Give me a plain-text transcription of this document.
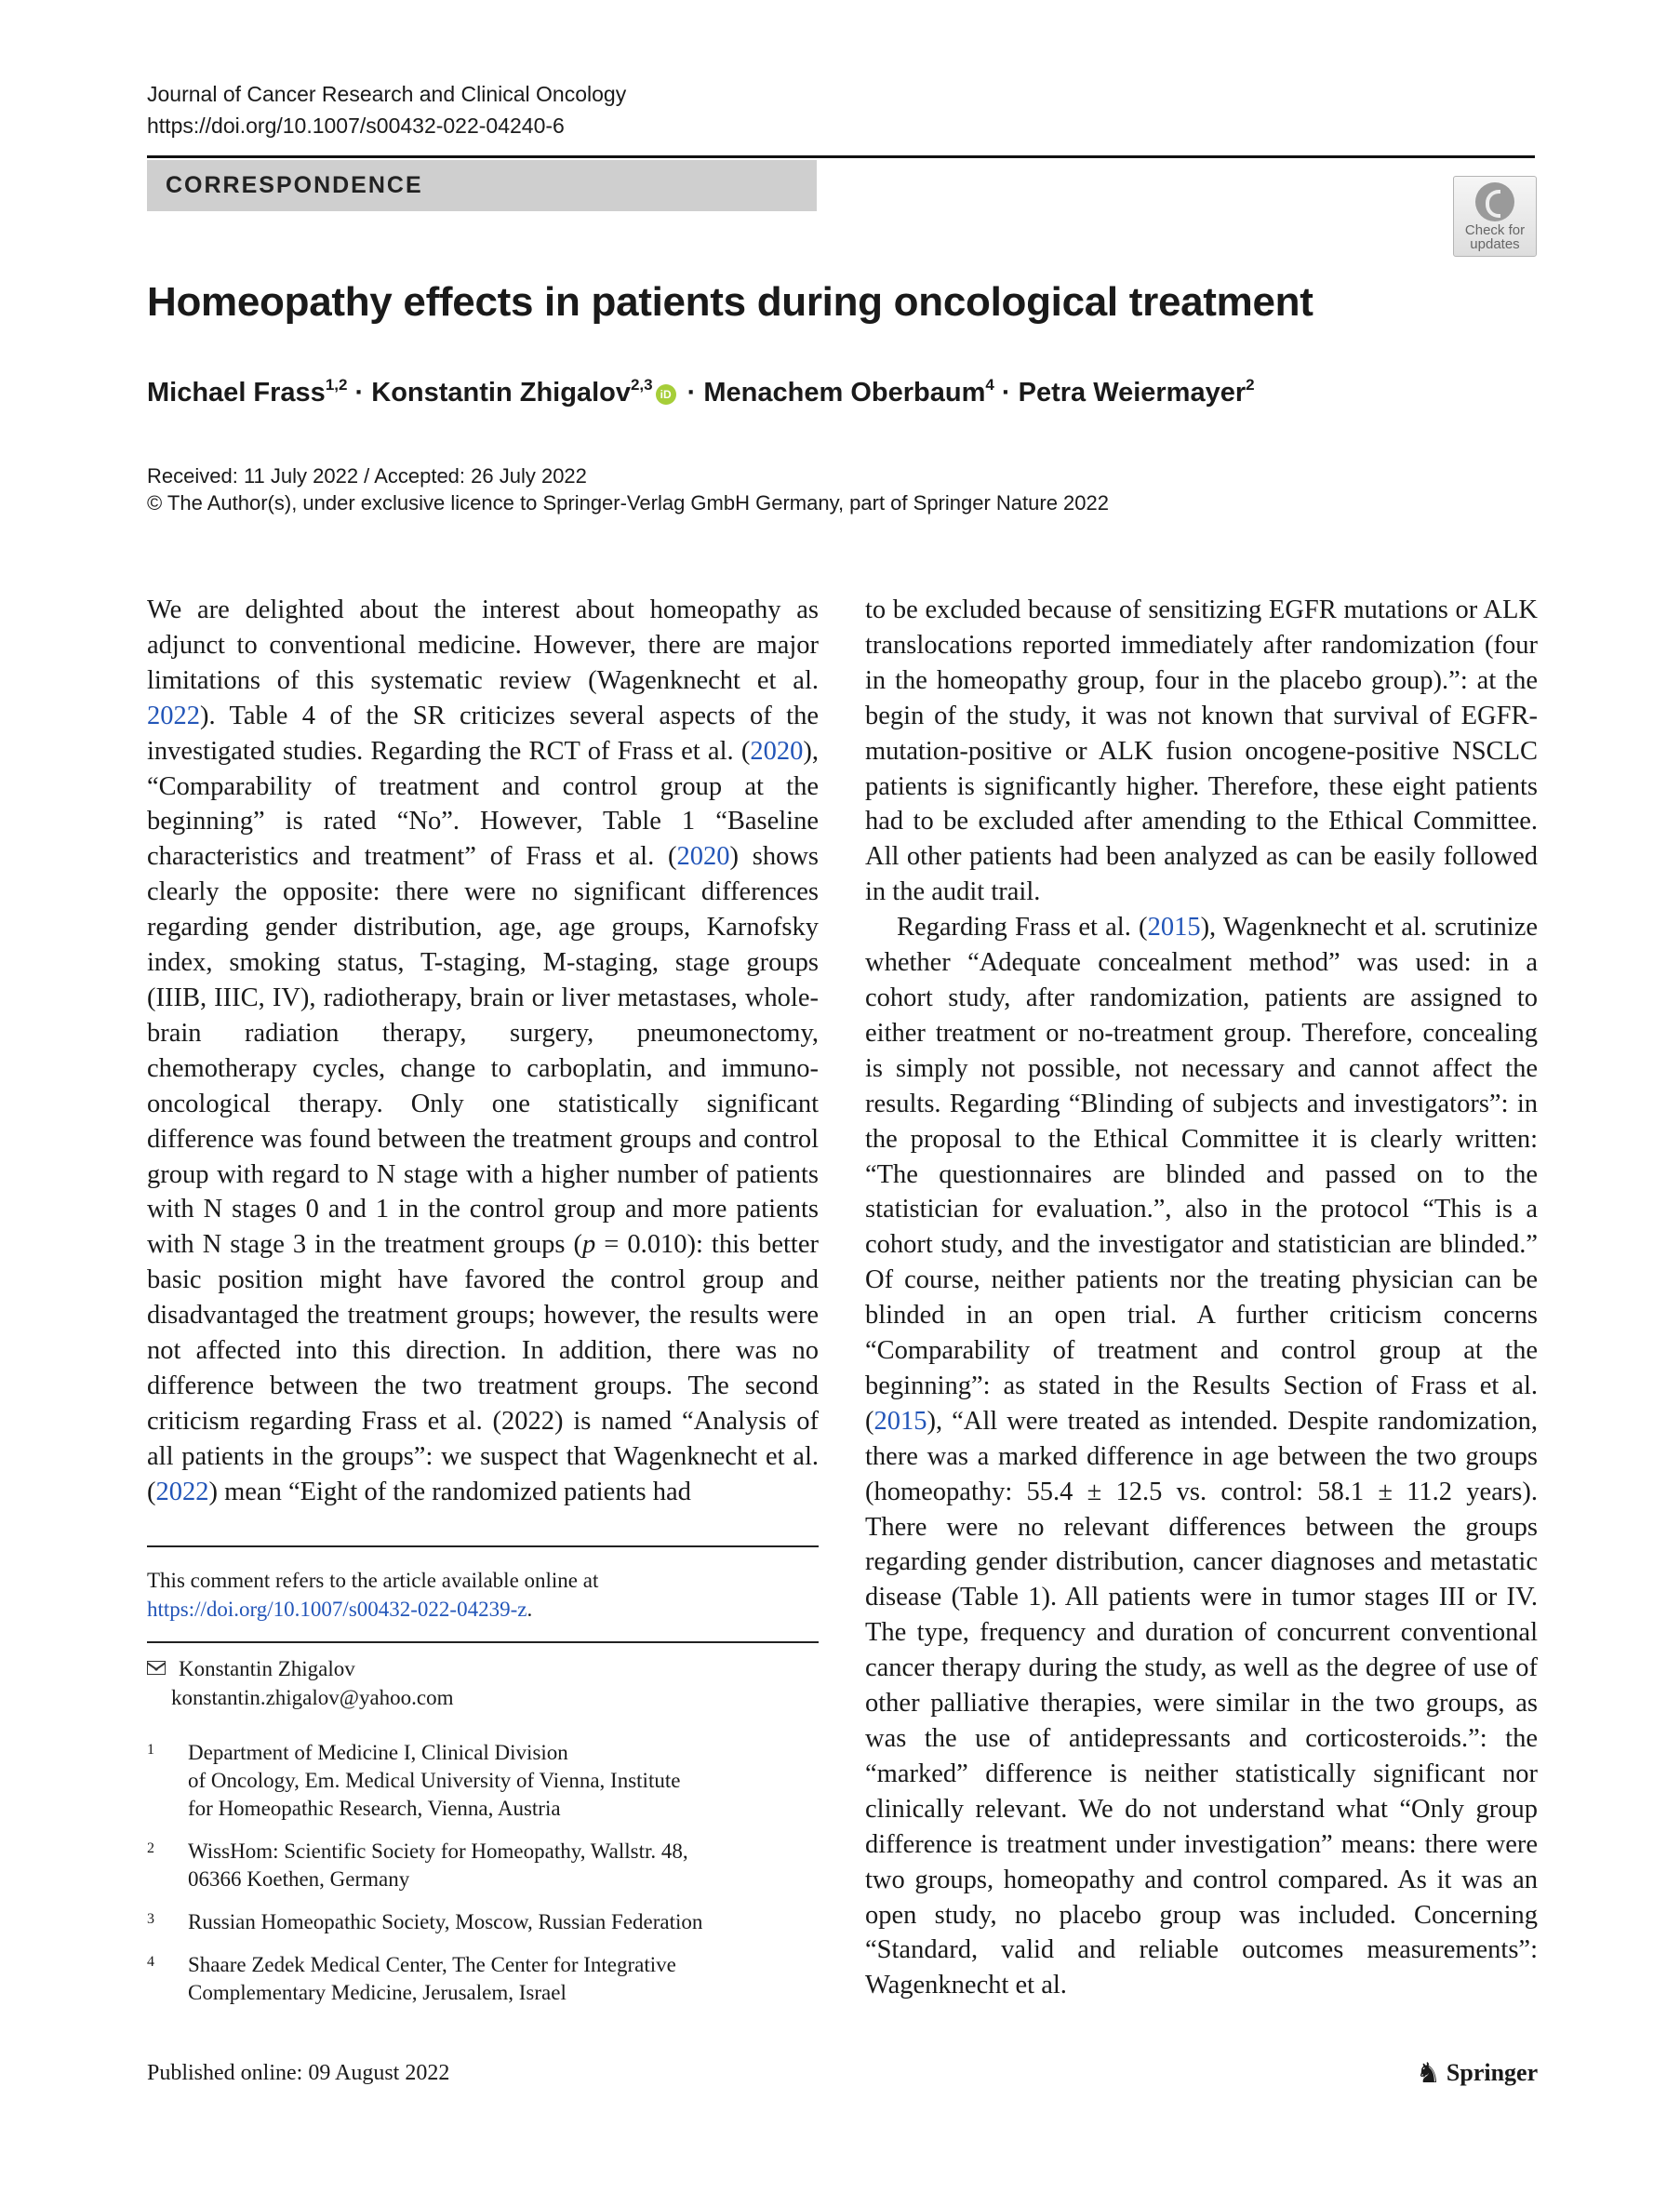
Journal of Cancer Research and Clinical Oncology
https://doi.org/10.1007/s00432-022-04240-6
CORRESPONDENCE
Check for
updates
Homeopathy effects in patients during oncological treatment
Michael Frass$^{1,2}$ · Konstantin Zhigalov$^{2,3}$iD · Menachem Oberbaum$^4$ · Petra Weiermayer$^2$
Received: 11 July 2022 / Accepted: 26 July 2022
© The Author(s), under exclusive licence to Springer-Verlag GmbH Germany, part of Springer Nature 2022

We are delighted about the interest about homeopathy as adjunct to conventional medicine. However, there are major limitations of this systematic review (Wagenknecht et al. 2022). Table 4 of the SR criticizes several aspects of the investigated studies. Regarding the RCT of Frass et al. (2020), “Comparability of treatment and control group at the beginning” is rated “No”. However, Table 1 “Baseline characteristics and treatment” of Frass et al. (2020) shows clearly the opposite: there were no significant differences regarding gender distribution, age, age groups, Karnofsky index, smoking status, T-staging, M-staging, stage groups (IIIB, IIIC, IV), radiotherapy, brain or liver metastases, whole-brain radiation therapy, surgery, pneumonectomy, chemotherapy cycles, change to carboplatin, and immuno-oncological therapy. Only one statistically significant difference was found between the treatment groups and control group with regard to N stage with a higher number of patients with N stages 0 and 1 in the control group and more patients with N stage 3 in the treatment groups (p = 0.010): this better basic position might have favored the control group and disadvantaged the treatment groups; however, the results were not affected into this direction. In addition, there was no difference between the two treatment groups. The second criticism regarding Frass et al. (2022) is named “Analysis of all patients in the groups”: we suspect that Wagenknecht et al. (2022) mean “Eight of the randomized patients had

to be excluded because of sensitizing EGFR mutations or ALK translocations reported immediately after randomization (four in the homeopathy group, four in the placebo group).”: at the begin of the study, it was not known that survival of EGFR-mutation-positive or ALK fusion oncogene-positive NSCLC patients is significantly higher. Therefore, these eight patients had to be excluded after amending to the Ethical Committee. All other patients had been analyzed as can be easily followed in the audit trail.

Regarding Frass et al. (2015), Wagenknecht et al. scrutinize whether “Adequate concealment method” was used: in a cohort study, after randomization, patients are assigned to either treatment or no-treatment group. Therefore, concealing is simply not possible, not necessary and cannot affect the results. Regarding “Blinding of subjects and investigators”: in the proposal to the Ethical Committee it is clearly written: “The questionnaires are blinded and passed on to the statistician for evaluation.”, also in the protocol “This is a cohort study, and the investigator and statistician are blinded.” Of course, neither patients nor the treating physician can be blinded in an open trial. A further criticism concerns “Comparability of treatment and control group at the beginning”: as stated in the Results Section of Frass et al. (2015), “All were treated as intended. Despite randomization, there was a marked difference in age between the two groups (homeopathy: 55.4 ± 12.5 vs. control: 58.1 ± 11.2 years). There were no relevant differences between the groups regarding gender distribution, cancer diagnoses and metastatic disease (Table 1). All patients were in tumor stages III or IV. The type, frequency and duration of concurrent conventional cancer therapy during the study, as well as the degree of use of other palliative therapies, were similar in the two groups, as was the use of antidepressants and corticosteroids.”: the “marked” difference is neither statistically significant nor clinically relevant. We do not understand what “Only group difference is treatment under investigation” means: there were two groups, homeopathy and control compared. As it was an open study, no placebo group was included. Concerning “Standard, valid and reliable outcomes measurements”: Wagenknecht et al.

This comment refers to the article available online at https://doi.org/10.1007/s00432-022-04239-z.
Konstantin Zhigalov
konstantin.zhigalov@yahoo.com
1 Department of Medicine I, Clinical Division
of Oncology, Em. Medical University of Vienna, Institute
for Homeopathic Research, Vienna, Austria
2 WissHom: Scientific Society for Homeopathy, Wallstr. 48,
06366 Koethen, Germany
3 Russian Homeopathic Society, Moscow, Russian Federation
4 Shaare Zedek Medical Center, The Center for Integrative
Complementary Medicine, Jerusalem, Israel
Published online: 09 August 2022	♞ Springer
